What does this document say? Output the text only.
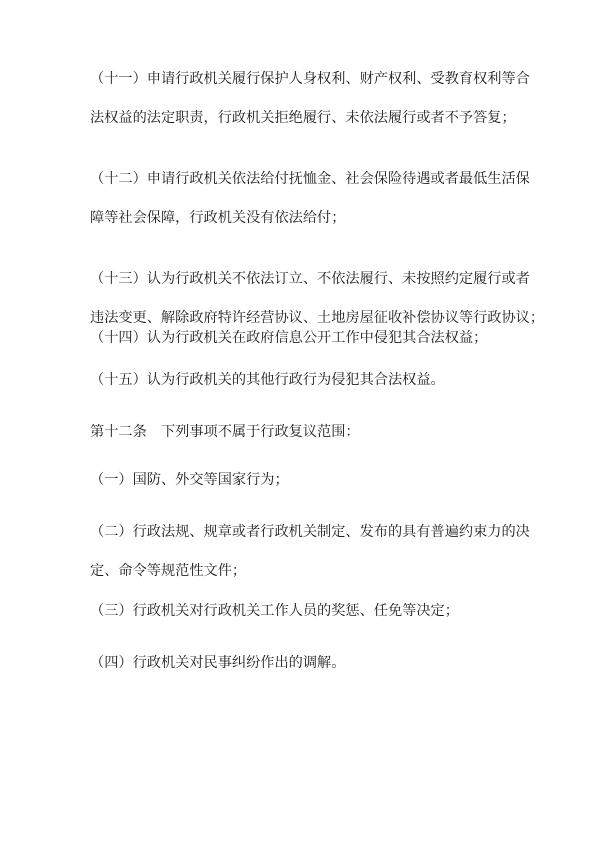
（十一）申请行政机关履行保护人身权利、财产权利、受教育权利等合
法权益的法定职责，行政机关拒绝履行、未依法履行或者不予答复；

（十二）申请行政机关依法给付抚恤金、社会保险待遇或者最低生活保
障等社会保障，行政机关没有依法给付；

（十三）认为行政机关不依法订立、不依法履行、未按照约定履行或者
违法变更、解除政府特许经营协议、土地房屋征收补偿协议等行政协议；

（十四）认为行政机关在政府信息公开工作中侵犯其合法权益；

（十五）认为行政机关的其他行政行为侵犯其合法权益。

第十二条　下列事项不属于行政复议范围：

（一）国防、外交等国家行为；

（二）行政法规、规章或者行政机关制定、发布的具有普遍约束力的决
定、命令等规范性文件；

（三）行政机关对行政机关工作人员的奖惩、任免等决定；

（四）行政机关对民事纠纷作出的调解。
